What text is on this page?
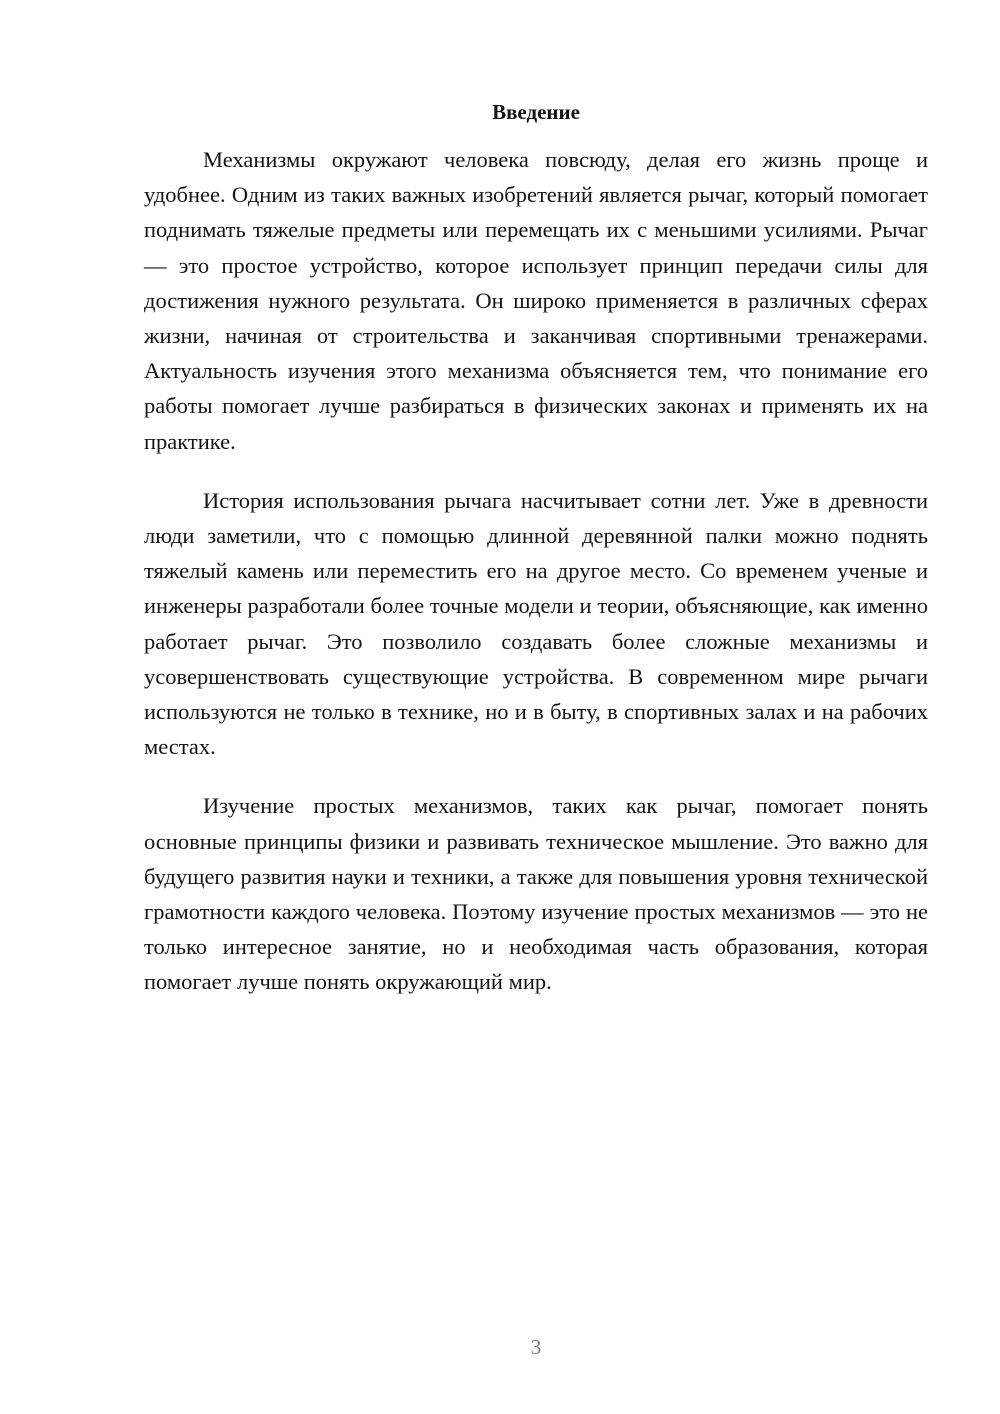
Введение

Механизмы окружают человека повсюду, делая его жизнь проще и удобнее. Одним из таких важных изобретений является рычаг, который помогает поднимать тяжелые предметы или перемещать их с меньшими усилиями. Рычаг — это простое устройство, которое использует принцип передачи силы для достижения нужного результата. Он широко применяется в различных сферах жизни, начиная от строительства и заканчивая спортивными тренажерами. Актуальность изучения этого механизма объясняется тем, что понимание его работы помогает лучше разбираться в физических законах и применять их на практике.

История использования рычага насчитывает сотни лет. Уже в древности люди заметили, что с помощью длинной деревянной палки можно поднять тяжелый камень или переместить его на другое место. Со временем ученые и инженеры разработали более точные модели и теории, объясняющие, как именно работает рычаг. Это позволило создавать более сложные механизмы и усовершенствовать существующие устройства. В современном мире рычаги используются не только в технике, но и в быту, в спортивных залах и на рабочих местах.

Изучение простых механизмов, таких как рычаг, помогает понять основные принципы физики и развивать техническое мышление. Это важно для будущего развития науки и техники, а также для повышения уровня технической грамотности каждого человека. Поэтому изучение простых механизмов — это не только интересное занятие, но и необходимая часть образования, которая помогает лучше понять окружающий мир.

3
